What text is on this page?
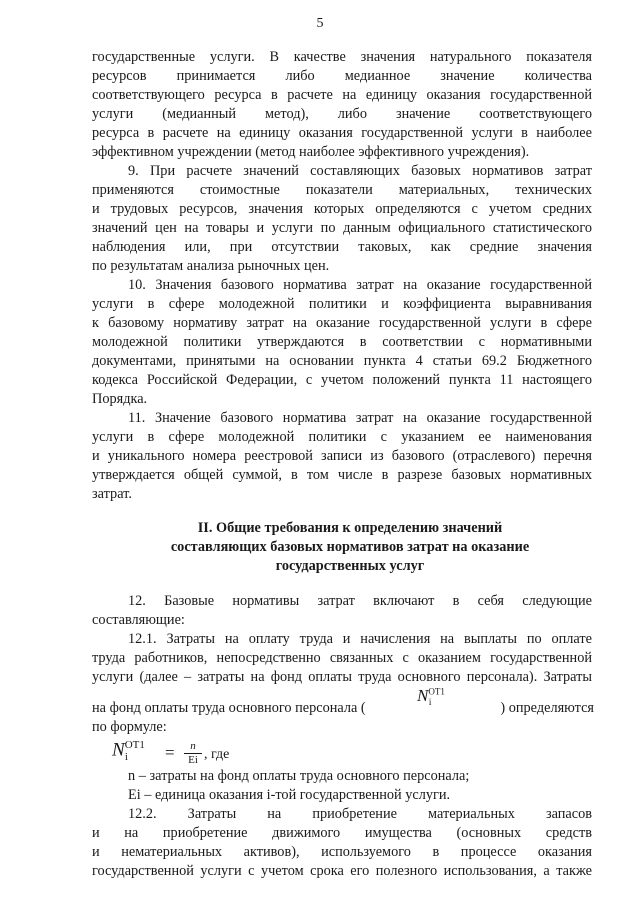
5
государственные услуги. В качестве значения натурального показателя
ресурсов принимается либо медианное значение количества
соответствующего ресурса в расчете на единицу оказания государственной
услуги (медианный метод), либо значение соответствующего
ресурса в расчете на единицу оказания государственной услуги в наиболее
эффективном учреждении (метод наиболее эффективного учреждения).
9. При расчете значений составляющих базовых нормативов затрат
применяются стоимостные показатели материальных, технических
и трудовых ресурсов, значения которых определяются с учетом средних
значений цен на товары и услуги по данным официального статистического
наблюдения или, при отсутствии таковых, как средние значения
по результатам анализа рыночных цен.
10. Значения базового норматива затрат на оказание государственной
услуги в сфере молодежной политики и коэффициента выравнивания
к базовому нормативу затрат на оказание государственной услуги в сфере
молодежной политики утверждаются в соответствии с нормативными
документами, принятыми на основании пункта 4 статьи 69.2 Бюджетного
кодекса Российской Федерации, с учетом положений пункта 11 настоящего
Порядка.
11. Значение базового норматива затрат на оказание государственной
услуги в сфере молодежной политики с указанием ее наименования
и уникального номера реестровой записи из базового (отраслевого) перечня
утверждается общей суммой, в том числе в разрезе базовых нормативных
затрат.
II. Общие требования к определению значений
составляющих базовых нормативов затрат на оказание
государственных услуг
12. Базовые нормативы затрат включают в себя следующие
составляющие:
12.1. Затраты на оплату труда и начисления на выплаты по оплате
труда работников, непосредственно связанных с оказанием государственной
услуги (далее – затраты на фонд оплаты труда основного персонала). Затраты
на фонд оплаты труда основного персонала (
$N^{ОТ1}_i$	) определяются
по формуле:
$N^{ОТ1}_i = \frac{n}{Ei}$ , где
n – затраты на фонд оплаты труда основного персонала;
Ei – единица оказания i-той государственной услуги.
12.2. Затраты на приобретение материальных запасов
и на приобретение движимого имущества (основных средств
и нематериальных активов), используемого в процессе оказания
государственной услуги с учетом срока его полезного использования, а также
